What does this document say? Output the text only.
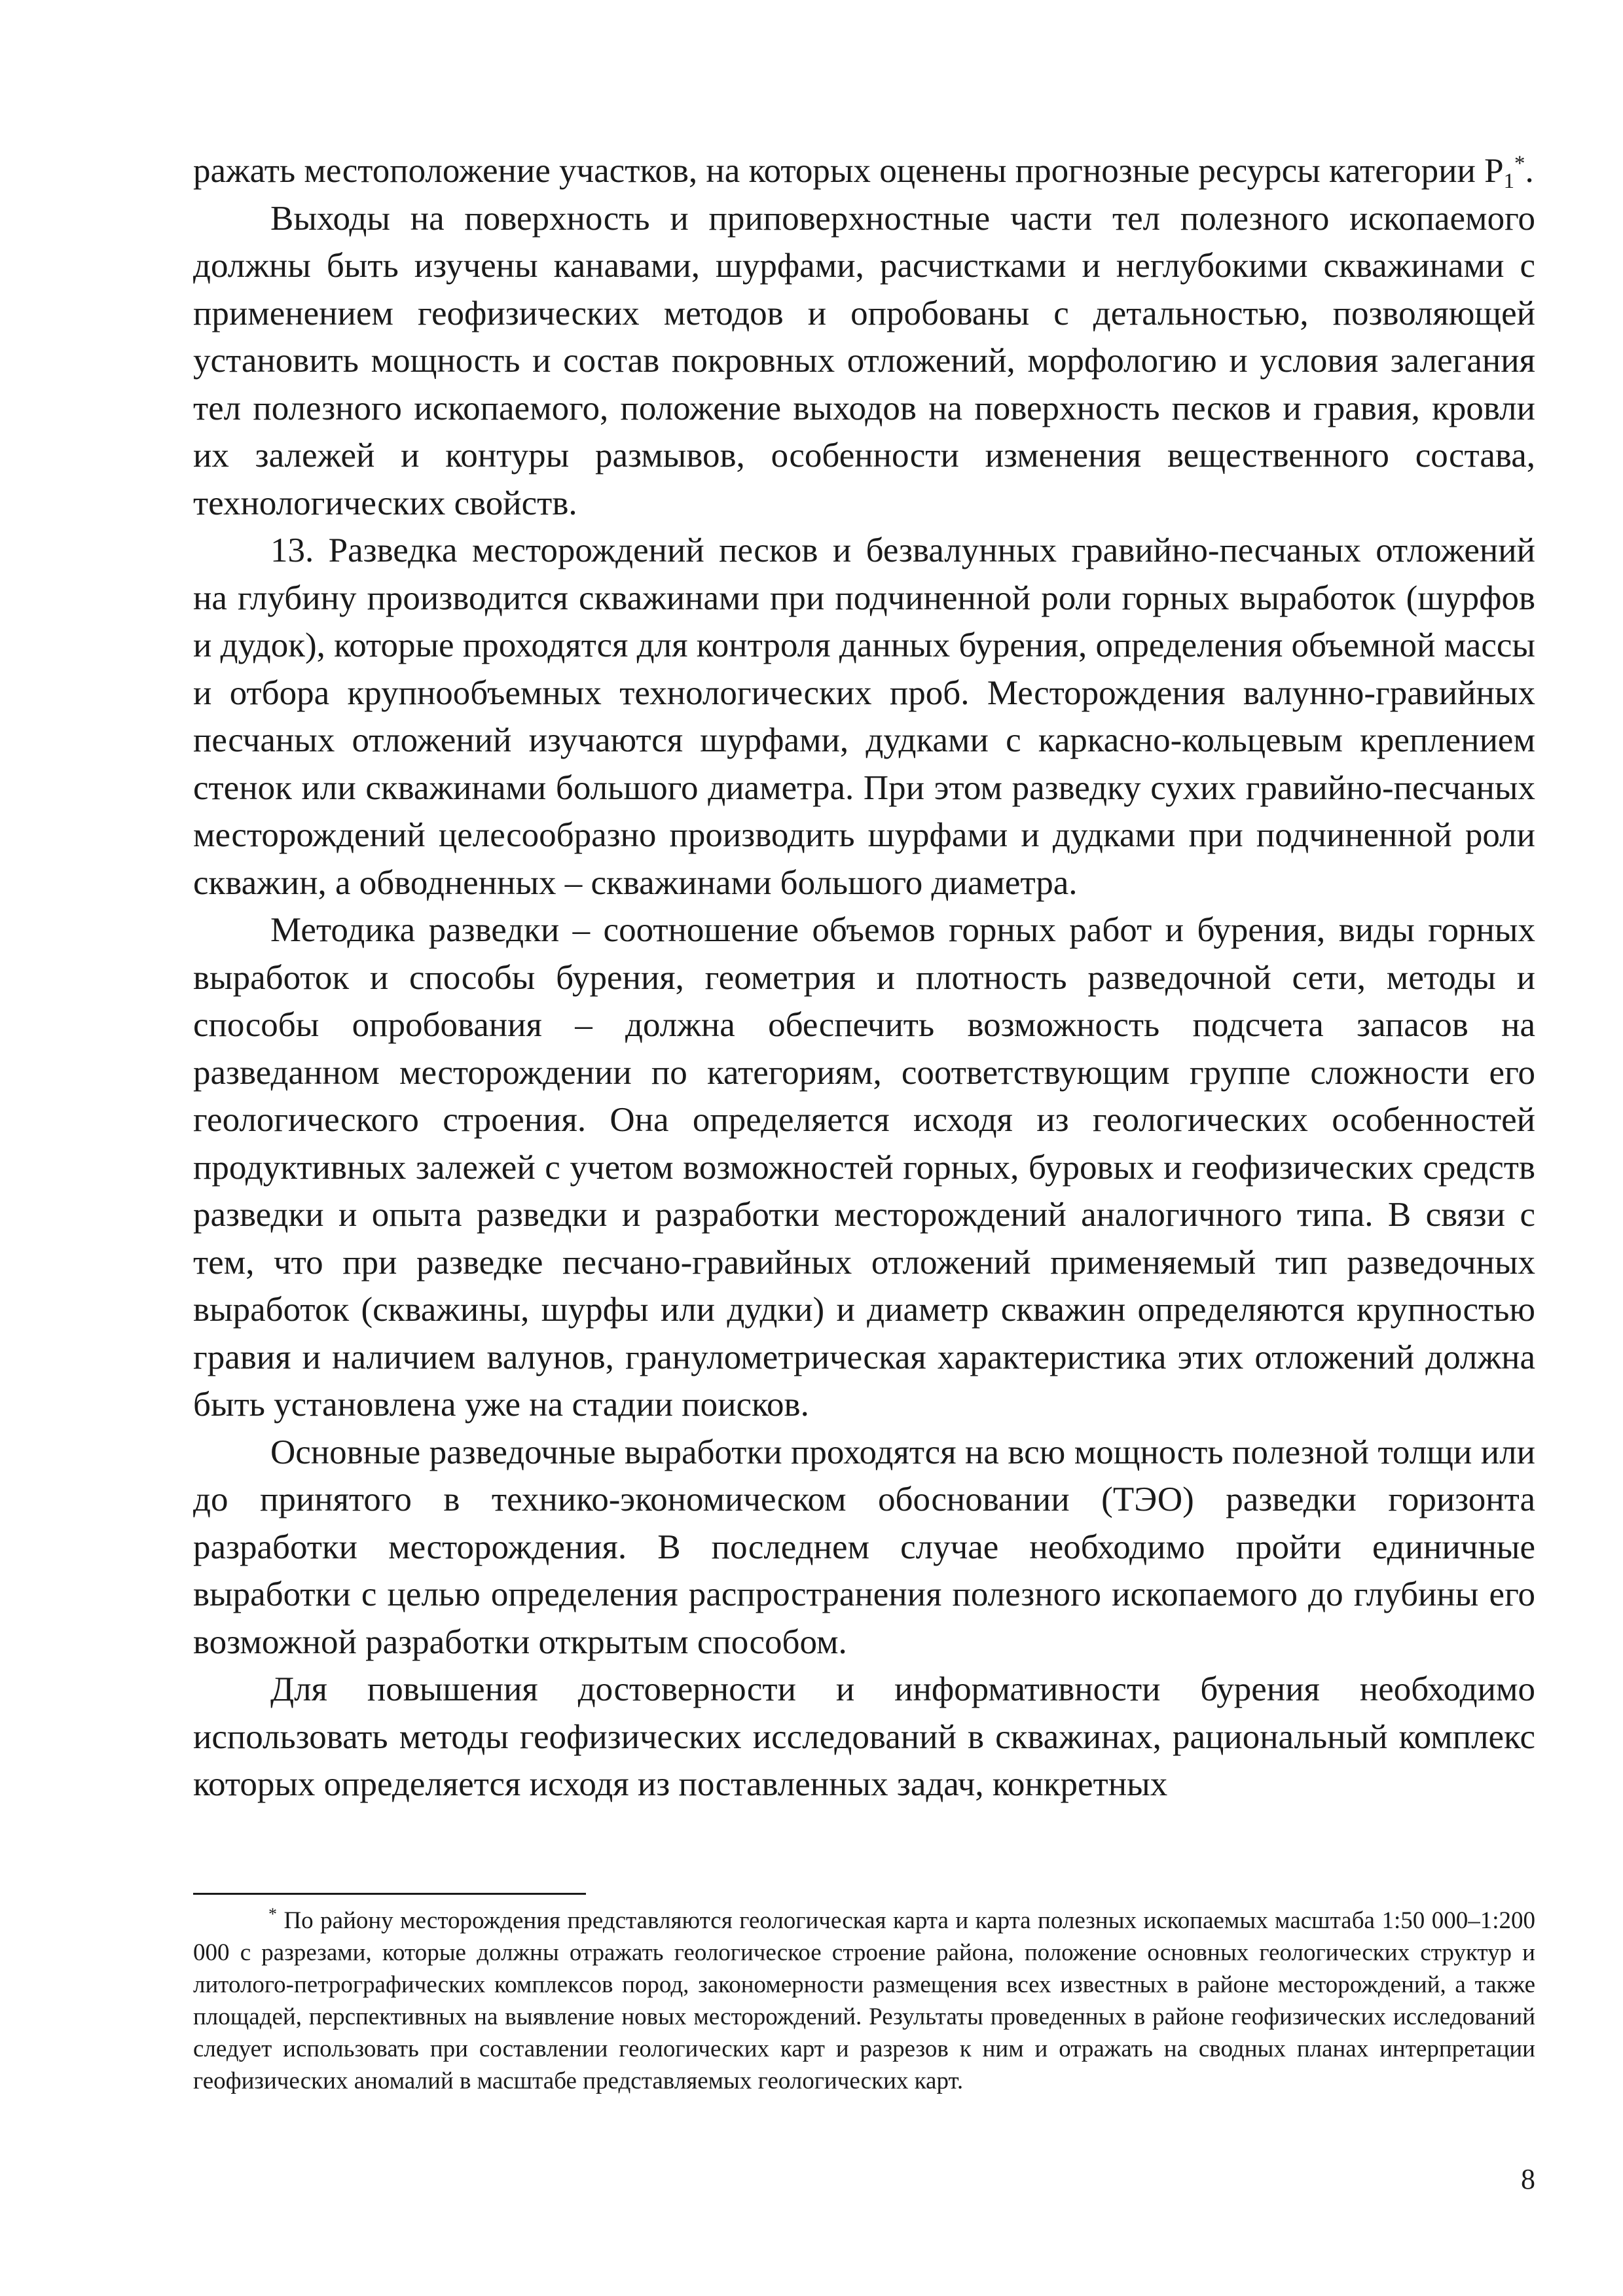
ражать местоположение участков, на которых оценены прогнозные ресурсы категории $P_1^*$.

Выходы на поверхность и приповерхностные части тел полезного ископаемого должны быть изучены канавами, шурфами, расчистками и неглубокими скважинами с применением геофизических методов и опробованы с детальностью, позволяющей установить мощность и состав покровных отложений, морфологию и условия залегания тел полезного ископаемого, положение выходов на поверхность песков и гравия, кровли их залежей и контуры размывов, особенности изменения вещественного состава, технологических свойств.

13. Разведка месторождений песков и безвалунных гравийно-песчаных отложений на глубину производится скважинами при подчиненной роли горных выработок (шурфов и дудок), которые проходятся для контроля данных бурения, определения объемной массы и отбора крупнообъемных технологических проб. Месторождения валунно-гравийных песчаных отложений изучаются шурфами, дудками с каркасно-кольцевым креплением стенок или скважинами большого диаметра. При этом разведку сухих гравийно-песчаных месторождений целесообразно производить шурфами и дудками при подчиненной роли скважин, а обводненных – скважинами большого диаметра.

Методика разведки – соотношение объемов горных работ и бурения, виды горных выработок и способы бурения, геометрия и плотность разведочной сети, методы и способы опробования – должна обеспечить возможность подсчета запасов на разведанном месторождении по категориям, соответствующим группе сложности его геологического строения. Она определяется исходя из геологических особенностей продуктивных залежей с учетом возможностей горных, буровых и геофизических средств разведки и опыта разведки и разработки месторождений аналогичного типа. В связи с тем, что при разведке песчано-гравийных отложений применяемый тип разведочных выработок (скважины, шурфы или дудки) и диаметр скважин определяются крупностью гравия и наличием валунов, гранулометрическая характеристика этих отложений должна быть установлена уже на стадии поисков.

Основные разведочные выработки проходятся на всю мощность полезной толщи или до принятого в технико-экономическом обосновании (ТЭО) разведки горизонта разработки месторождения. В последнем случае необходимо пройти единичные выработки с целью определения распространения полезного ископаемого до глубины его возможной разработки открытым способом.

Для повышения достоверности и информативности бурения необходимо использовать методы геофизических исследований в скважинах, рациональный комплекс которых определяется исходя из поставленных задач, конкретных

* По району месторождения представляются геологическая карта и карта полезных ископаемых масштаба 1:50 000–1:200 000 с разрезами, которые должны отражать геологическое строение района, положение основных геологических структур и литолого-петрографических комплексов пород, закономерности размещения всех известных в районе месторождений, а также площадей, перспективных на выявление новых месторождений. Результаты проведенных в районе геофизических исследований следует использовать при составлении геологических карт и разрезов к ним и отражать на сводных планах интерпретации геофизических аномалий в масштабе представляемых геологических карт.

8
